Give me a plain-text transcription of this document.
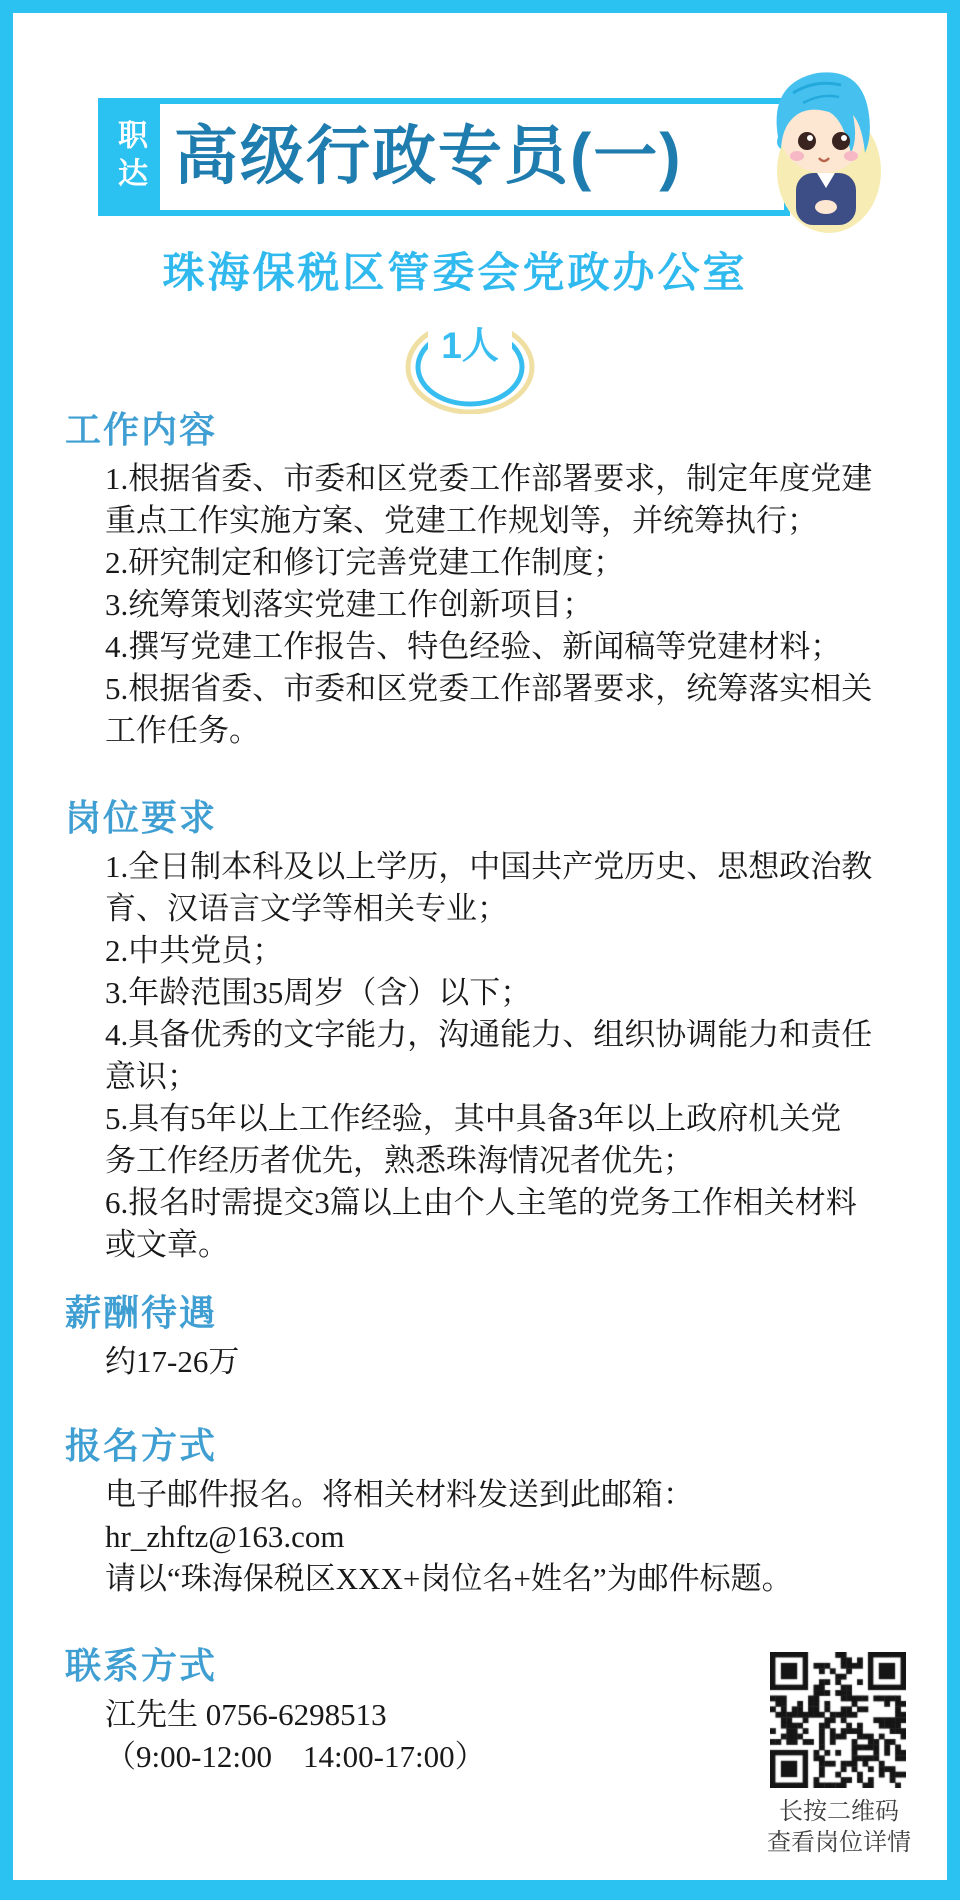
职达 高级行政专员(一)
珠海保税区管委会党政办公室
1人
工作内容
1.根据省委、市委和区党委工作部署要求，制定年度党建
重点工作实施方案、党建工作规划等，并统筹执行；
2.研究制定和修订完善党建工作制度；
3.统筹策划落实党建工作创新项目；
4.撰写党建工作报告、特色经验、新闻稿等党建材料；
5.根据省委、市委和区党委工作部署要求，统筹落实相关
工作任务。
岗位要求
1.全日制本科及以上学历，中国共产党历史、思想政治教
育、汉语言文学等相关专业；
2.中共党员；
3.年龄范围35周岁（含）以下；
4.具备优秀的文字能力，沟通能力、组织协调能力和责任
意识；
5.具有5年以上工作经验，其中具备3年以上政府机关党
务工作经历者优先，熟悉珠海情况者优先；
6.报名时需提交3篇以上由个人主笔的党务工作相关材料
或文章。
薪酬待遇
约17-26万
报名方式
电子邮件报名。将相关材料发送到此邮箱：
hr_zhftz@163.com
请以“珠海保税区XXX+岗位名+姓名”为邮件标题。
联系方式
江先生 0756-6298513
（9:00-12:00    14:00-17:00）
长按二维码
查看岗位详情
